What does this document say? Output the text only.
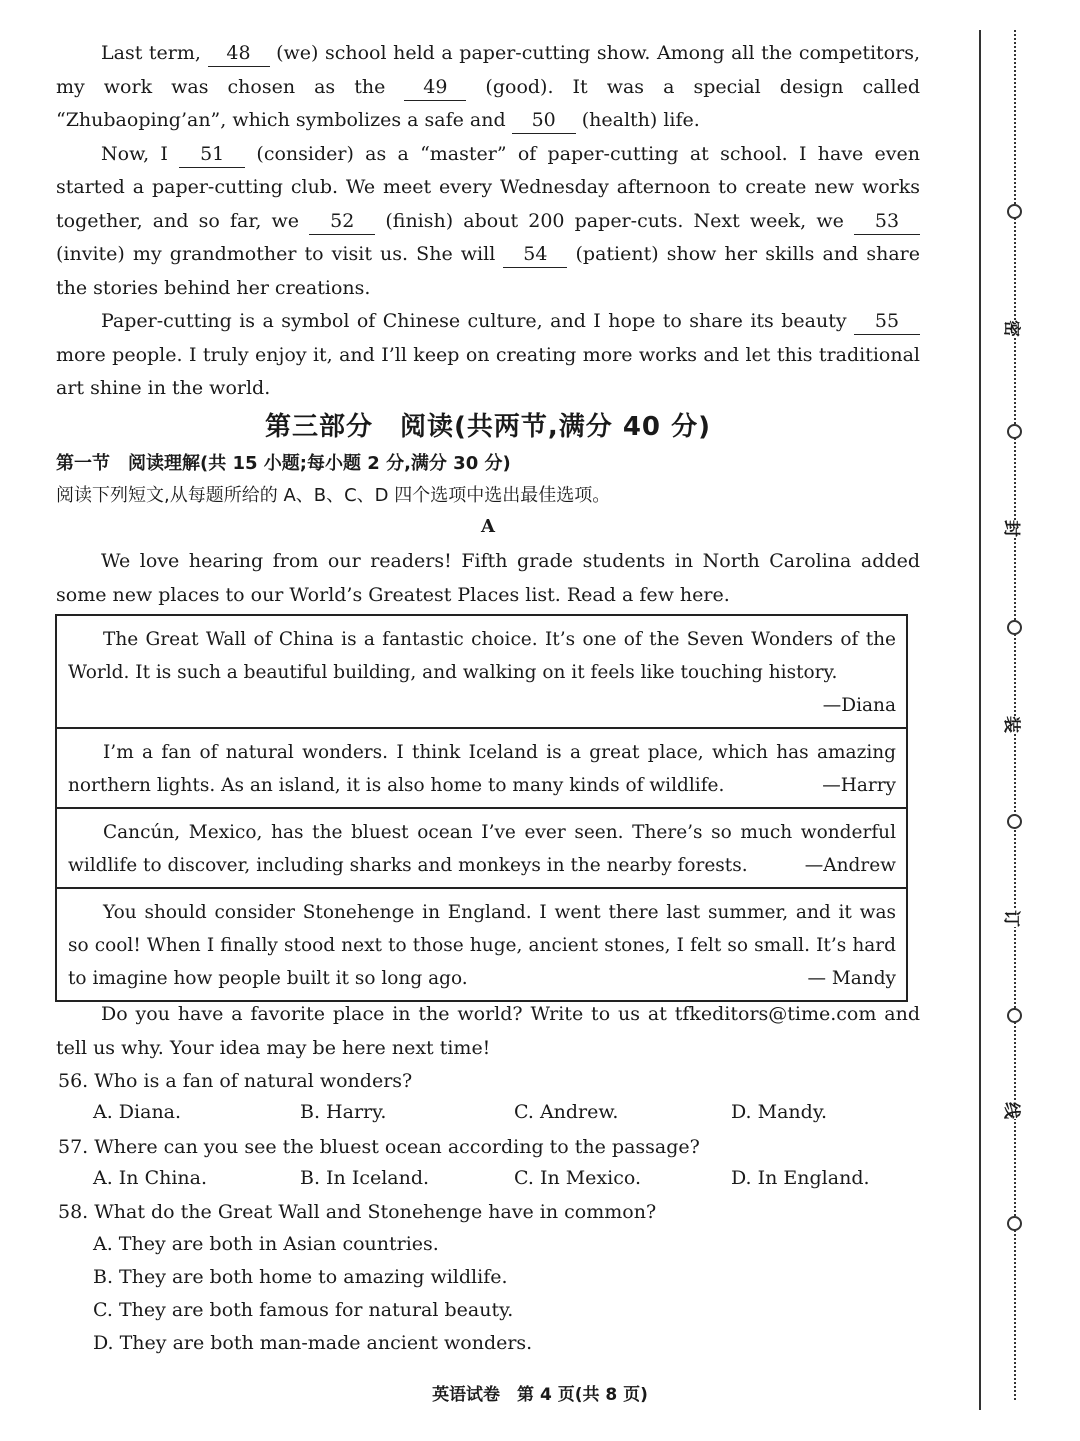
Last term, 48 (we) school held a paper-cutting show. Among all the competitors, my work was chosen as the 49 (good). It was a special design called “Zhubaoping’an”, which symbolizes a safe and 50 (health) life.

Now, I 51 (consider) as a “master” of paper-cutting at school. I have even started a paper-cutting club. We meet every Wednesday afternoon to create new works together, and so far, we 52 (finish) about 200 paper-cuts. Next week, we 53 (invite) my grandmother to visit us. She will 54 (patient) show her skills and share the stories behind her creations.

Paper-cutting is a symbol of Chinese culture, and I hope to share its beauty 55 more people. I truly enjoy it, and I’ll keep on creating more works and let this traditional art shine in the world.

第三部分　阅读(共两节,满分 40 分)
第一节　阅读理解(共 15 小题;每小题 2 分,满分 30 分)
阅读下列短文,从每题所给的 A、B、C、D 四个选项中选出最佳选项。
A

We love hearing from our readers! Fifth grade students in North Carolina added some new places to our World’s Greatest Places list. Read a few here.

The Great Wall of China is a fantastic choice. It’s one of the Seven Wonders of the World. It is such a beautiful building, and walking on it feels like touching history.
—Diana
I’m a fan of natural wonders. I think Iceland is a great place, which has amazing northern lights. As an island, it is also home to many kinds of wildlife.	—Harry
Cancún, Mexico, has the bluest ocean I’ve ever seen. There’s so much wonderful wildlife to discover, including sharks and monkeys in the nearby forests.	—Andrew
You should consider Stonehenge in England. I went there last summer, and it was so cool! When I finally stood next to those huge, ancient stones, I felt so small. It’s hard to imagine how people built it so long ago.	— Mandy

Do you have a favorite place in the world? Write to us at tfkeditors@time.com and tell us why. Your idea may be here next time!

56. Who is a fan of natural wonders?
A. Diana.	B. Harry.	C. Andrew.	D. Mandy.
57. Where can you see the bluest ocean according to the passage?
A. In China.	B. In Iceland.	C. In Mexico.	D. In England.
58. What do the Great Wall and Stonehenge have in common?
A. They are both in Asian countries.
B. They are both home to amazing wildlife.
C. They are both famous for natural beauty.
D. They are both man-made ancient wonders.
英语试卷　第 4 页(共 8 页)
密
封
装
订
线
